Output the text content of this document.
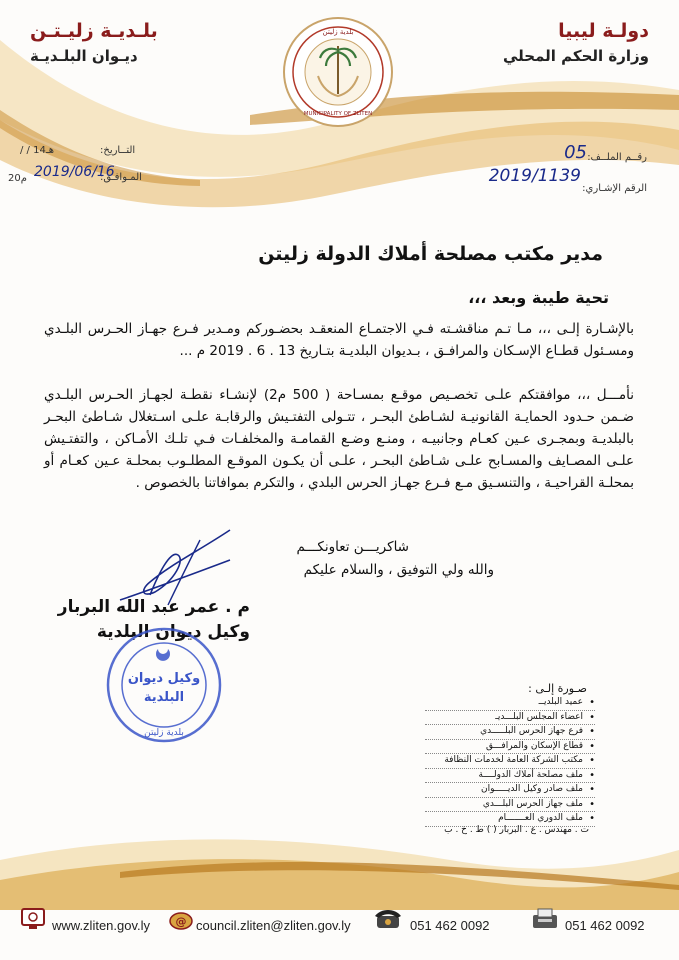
دولـة ليبيا
وزارة الحكم المحلي
بلـديـة زليـتـن
ديـوان البلـديـة
بلدية زليتن
MUNICIPALITY OF ZLITEN
رقــم الملــف:
05
الرقم الإشـاري:
2019/1139
التــاريخ:
/ / 14هـ
المـوافـق:
2019/06/16
20م
مدير مكتب مصلحة أملاك الدولة زليتن
تحية طيبة وبعد ،،،
بالإشـارة إلـى ،،، مـا تـم مناقشـته فـي الاجتمـاع المنعقـد بحضـوركم ومـدير فـرع جهـاز الحـرس البلـدي ومسـئول قطـاع الإسـكان والمرافـق ، بـديوان البلديـة بتـاريخ 13 . 6 . 2019 م ...
نأمـــل ،،، موافقتكم علـى تخصـيص موقـع بمسـاحة ( 500 م2) لإنشـاء نقطـة لجهـاز الحـرس البلـدي ضـمن حـدود الحمايـة القانونيـة لشـاطئ البحـر ، تتـولى التفتـيش والرقابـة علـى اسـتغلال شـاطئ البحـر بالبلديـة وبمجـرى عـين كعـام وجانبيـه ، ومنـع وضـع القمامـة والمخلفـات فـي تلـك الأمـاكن ، والتفتـيش علـى المصـايف والمسـابح علـى شـاطئ البحـر ، علـى أن يكـون الموقـع المطلـوب بمحلـة عـين كعـام أو بمحلـة القراحيـة ، والتنسـيق مـع فـرع جهـاز الحرس البلدي ، والتكرم بموافاتنا بالخصوص .
شاكريـــن تعاونكـــم
والله ولي التوفيق ، والسلام عليكم
م . عمر عبد الله البربار
وكيل ديوان البلدية
وكيل ديوان
البلدية
بلدية زليتن
صـورة إلـى :
• عميد البلديــ
• اعضاء المجلس البلـــديـ
• فرع جهاز الحرس البلـــــدي
• قطاع الإسكان والمرافـــق
• مكتب الشركة العامة لخدمات النظافة
• ملف مصلحة أملاك الدولــــة
• ملف صادر وكيل الديـــــوان
• ملف جهاز الحرس البلـــدي
• ملف الدوري العـــــــام
ت . مهندس . ع . البربار ( ) ط . خ . ب
www.zliten.gov.ly @ council.zliten@zliten.gov.ly	051 462 0092	051 462 0092
